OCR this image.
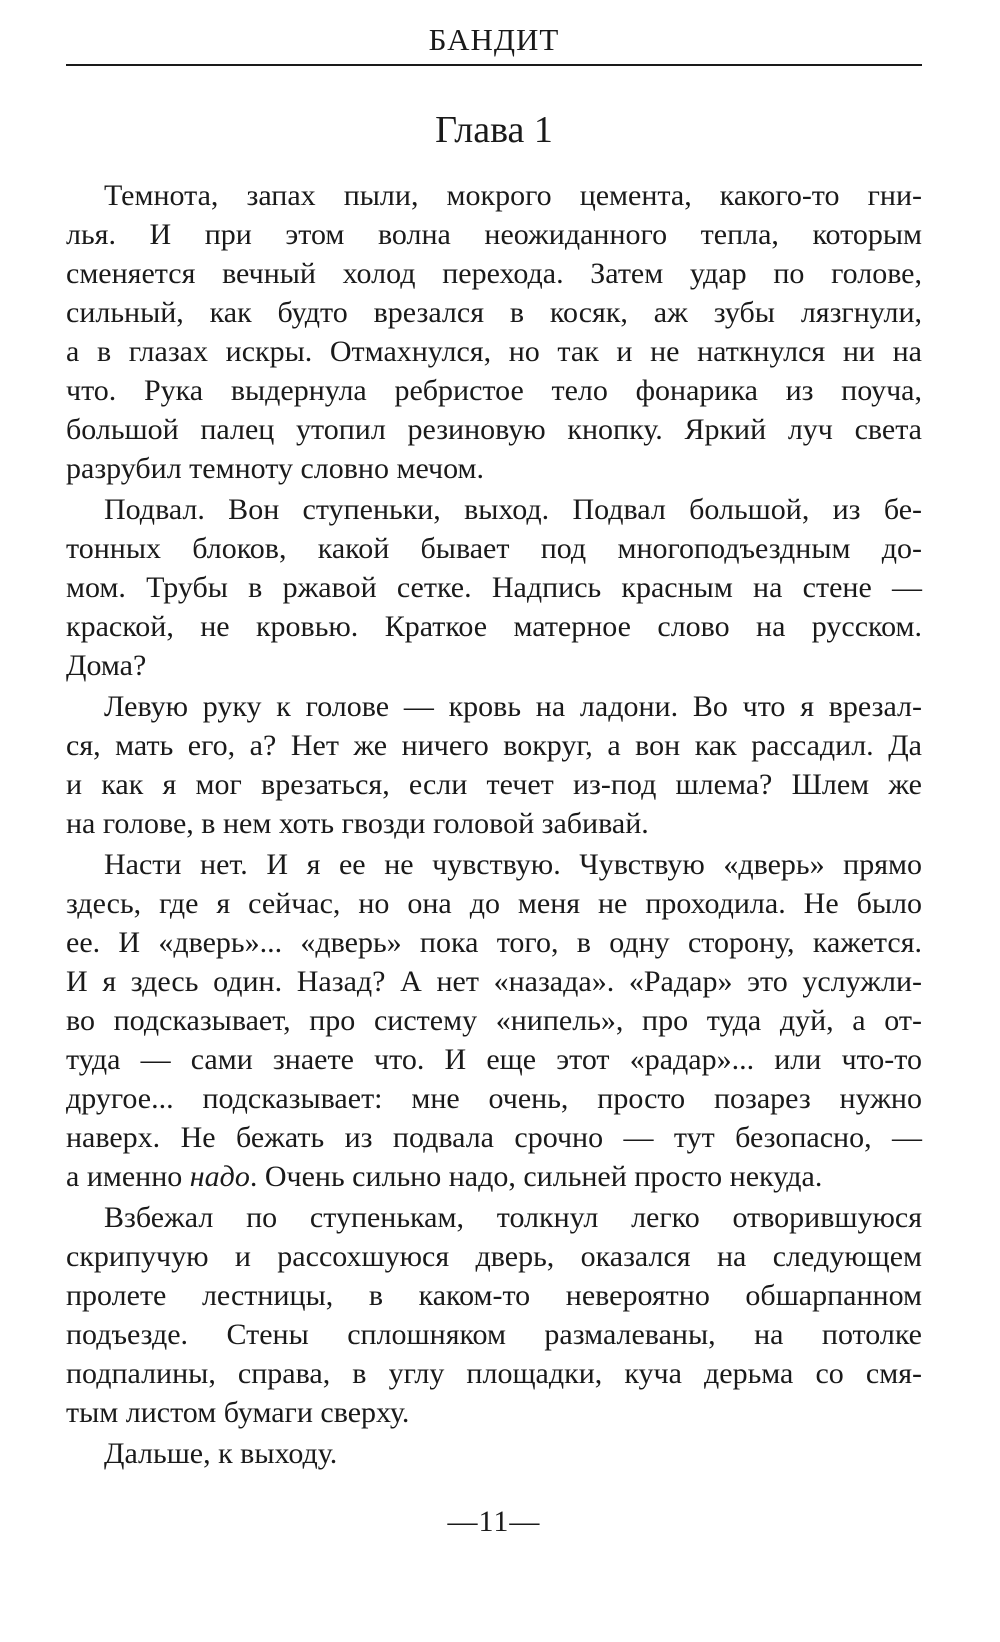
БАНДИТ
Глава 1
Темнота, запах пыли, мокрого цемента, какого-то гни-
лья. И при этом волна неожиданного тепла, которым
сменяется вечный холод перехода. Затем удар по голове,
сильный, как будто врезался в косяк, аж зубы лязгнули,
а в глазах искры. Отмахнулся, но так и не наткнулся ни на
что. Рука выдернула ребристое тело фонарика из поуча,
большой палец утопил резиновую кнопку. Яркий луч света
разрубил темноту словно мечом.
Подвал. Вон ступеньки, выход. Подвал большой, из бе-
тонных блоков, какой бывает под многоподъездным до-
мом. Трубы в ржавой сетке. Надпись красным на стене —
краской, не кровью. Краткое матерное слово на русском.
Дома?
Левую руку к голове — кровь на ладони. Во что я врезал-
ся, мать его, а? Нет же ничего вокруг, а вон как рассадил. Да
и как я мог врезаться, если течет из-под шлема? Шлем же
на голове, в нем хоть гвозди головой забивай.
Насти нет. И я ее не чувствую. Чувствую «дверь» прямо
здесь, где я сейчас, но она до меня не проходила. Не было
ее. И «дверь»... «дверь» пока того, в одну сторону, кажется.
И я здесь один. Назад? А нет «назада». «Радар» это услужли-
во подсказывает, про систему «нипель», про туда дуй, а от-
туда — сами знаете что. И еще этот «радар»... или что-то
другое... подсказывает: мне очень, просто позарез нужно
наверх. Не бежать из подвала срочно — тут безопасно, —
а именно надо. Очень сильно надо, сильней просто некуда.
Взбежал по ступенькам, толкнул легко отворившуюся
скрипучую и рассохшуюся дверь, оказался на следующем
пролете лестницы, в каком-то невероятно обшарпанном
подъезде. Стены сплошняком размалеваны, на потолке
подпалины, справа, в углу площадки, куча дерьма со смя-
тым листом бумаги сверху.
Дальше, к выходу.
—11—
